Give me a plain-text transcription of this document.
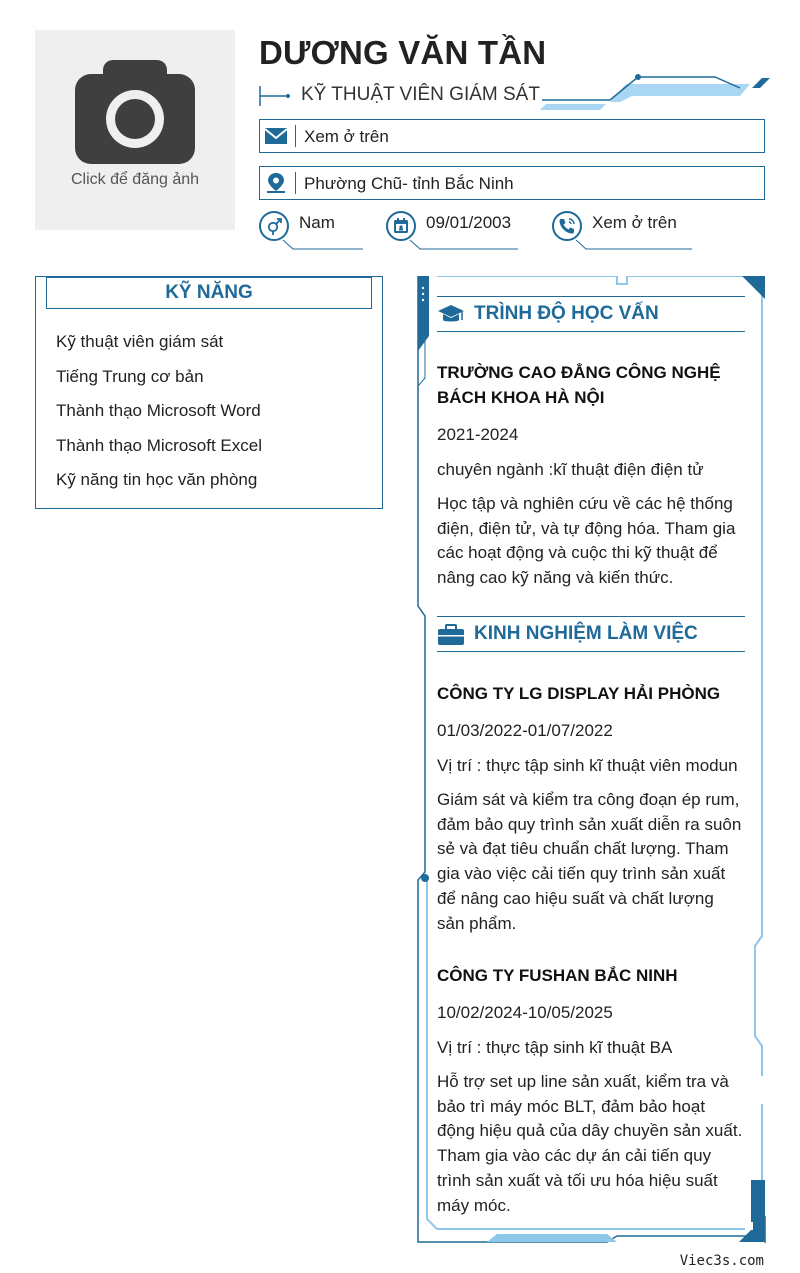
Click để đăng ảnh
DƯƠNG VĂN TẦN
KỸ THUẬT VIÊN GIÁM SÁT
Xem ở trên
Phường Chũ- tỉnh Bắc Ninh
Nam	09/01/2003	Xem ở trên
KỸ NĂNG
Kỹ thuật viên giám sát
Tiếng Trung cơ bản
Thành thạo Microsoft Word
Thành thạo Microsoft Excel
Kỹ năng tin học văn phòng
TRÌNH ĐỘ HỌC VẤN
TRƯỜNG CAO ĐẲNG CÔNG NGHỆ BÁCH KHOA HÀ NỘI
2021-2024
chuyên ngành :kĩ thuật điện điện tử
Học tập và nghiên cứu về các hệ thống điện, điện tử, và tự động hóa. Tham gia các hoạt động và cuộc thi kỹ thuật để nâng cao kỹ năng và kiến thức.
KINH NGHIỆM LÀM VIỆC
CÔNG TY LG DISPLAY HẢI PHÒNG
01/03/2022-01/07/2022
Vị trí : thực tập sinh kĩ thuật viên modun
Giám sát và kiểm tra công đoạn ép rum, đảm bảo quy trình sản xuất diễn ra suôn sẻ và đạt tiêu chuẩn chất lượng. Tham gia vào việc cải tiến quy trình sản xuất để nâng cao hiệu suất và chất lượng sản phẩm.
CÔNG TY FUSHAN BẮC NINH
10/02/2024-10/05/2025
Vị trí : thực tập sinh kĩ thuật BA
Hỗ trợ set up line sản xuất, kiểm tra và bảo trì máy móc BLT, đảm bảo hoạt động hiệu quả của dây chuyền sản xuất. Tham gia vào các dự án cải tiến quy trình sản xuất và tối ưu hóa hiệu suất máy móc.
Viec3s.com
